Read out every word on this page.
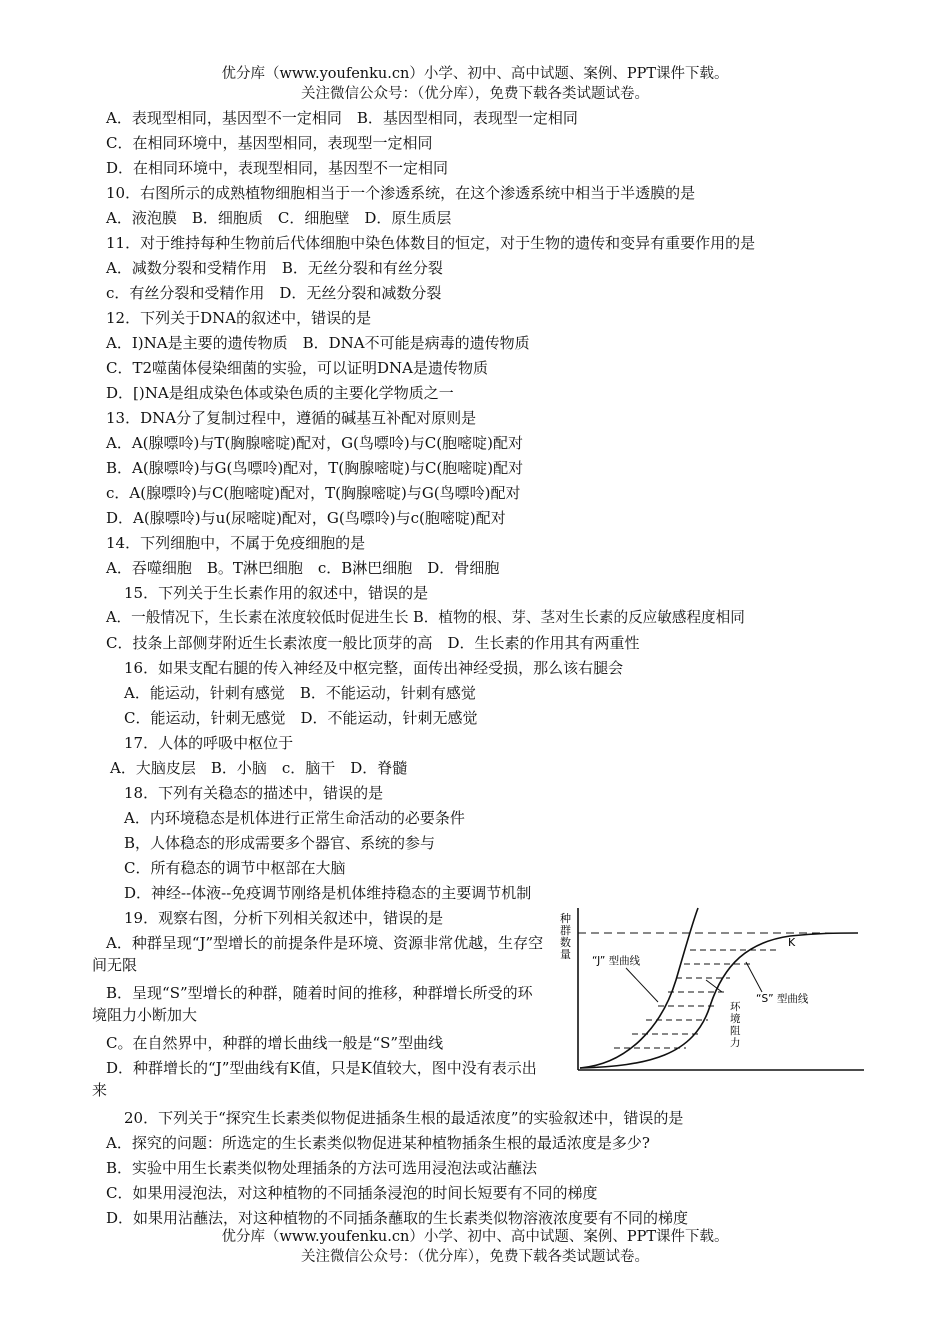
优分库（www.youfenku.cn）小学、初中、高中试题、案例、PPT课件下载。
关注微信公众号：（优分库），免费下载各类试题试卷。
A．表现型相同，基因型不一定相同　B．基因型相同，表现型一定相同
C．在相同环境中，基因型相同，表现型一定相同
D．在相同环境中，表现型相同，基因型不一定相同
10．右图所示的成熟植物细胞相当于一个渗透系统，在这个渗透系统中相当于半透膜的是
A．液泡膜　B．细胞质　C．细胞壁　D．原生质层
11．对于维持每种生物前后代体细胞中染色体数目的恒定，对于生物的遗传和变异有重要作用的是
A．减数分裂和受精作用　B．无丝分裂和有丝分裂
c．有丝分裂和受精作用　D．无丝分裂和减数分裂
12．下列关于DNA的叙述中，错误的是
A．I)NA是主要的遗传物质　B．DNA不可能是病毒的遗传物质
C．T2噬菌体侵染细菌的实验，可以证明DNA是遗传物质
D．[)NA是组成染色体或染色质的主要化学物质之一
13．DNA分了复制过程中，遵循的碱基互补配对原则是
A．A(腺嘌呤)与T(胸腺嘧啶)配对，G(鸟嘌呤)与C(胞嘧啶)配对
B．A(腺嘌呤)与G(鸟嘌呤)配对，T(胸腺嘧啶)与C(胞嘧啶)配对
c．A(腺嘌呤)与C(胞嘧啶)配对，T(胸腺嘧啶)与G(鸟嘌呤)配对
D．A(腺嘌呤)与u(尿嘧啶)配对，G(鸟嘌呤)与c(胞嘧啶)配对
14．下列细胞中，不属于免疫细胞的是
A．吞噬细胞　B。T淋巴细胞　c．B淋巴细胞　D．骨细胞
15．下列关于生长素作用的叙述中，错误的是
A．一般情况下，生长素在浓度较低时促进生长 B．植物的根、芽、茎对生长素的反应敏感程度相同
C．技条上部侧芽附近生长素浓度一般比顶芽的高　D．生长素的作用其有两重性
16．如果支配右腿的传入神经及中枢完整，面传出神经受损，那么该右腿会
A．能运动，针刺有感觉　B．不能运动，针刺有感觉
C．能运动，针刺无感觉　D．不能运动，针刺无感觉
17．人体的呼吸中枢位于
A．大脑皮层　B．小脑　c．脑干　D．脊髓
18．下列有关稳态的描述中，错误的是
A．内环境稳态是机体进行正常生命活动的必要条件
B，人体稳态的形成需要多个器官、系统的参与
C．所有稳态的调节中枢部在大脑
D．神经--体液--免疫调节刚络是机体维持稳态的主要调节机制
19．观察右图，分析下列相关叙述中，错误的是
A．种群呈现“J”型增长的前提条件是环境、资源非常优越，生存空间无限
B．呈现“S”型增长的种群，随着时间的推移，种群增长所受的环境阻力小断加大
C。在自然界中，种群的增长曲线一般是“S”型曲线
D．种群增长的“J”型曲线有K值，只是K值较大，图中没有表示出来
20．下列关于“探究生长素类似物促进插条生根的最适浓度”的实验叙述中，错误的是
A．探究的问题：所选定的生长素类似物促进某种植物插条生根的最适浓度是多少?
B．实验中用生长素类似物处理插条的方法可选用浸泡法或沾蘸法
C．如果用浸泡法，对这种植物的不同插条浸泡的时间长短要有不同的梯度
D．如果用沾蘸法，对这种植物的不同插条蘸取的生长素类似物溶液浓度要有不同的梯度
种群数量
K
“J” 型曲线
“S” 型曲线
环境阻力
优分库（www.youfenku.cn）小学、初中、高中试题、案例、PPT课件下载。
关注微信公众号：（优分库），免费下载各类试题试卷。
